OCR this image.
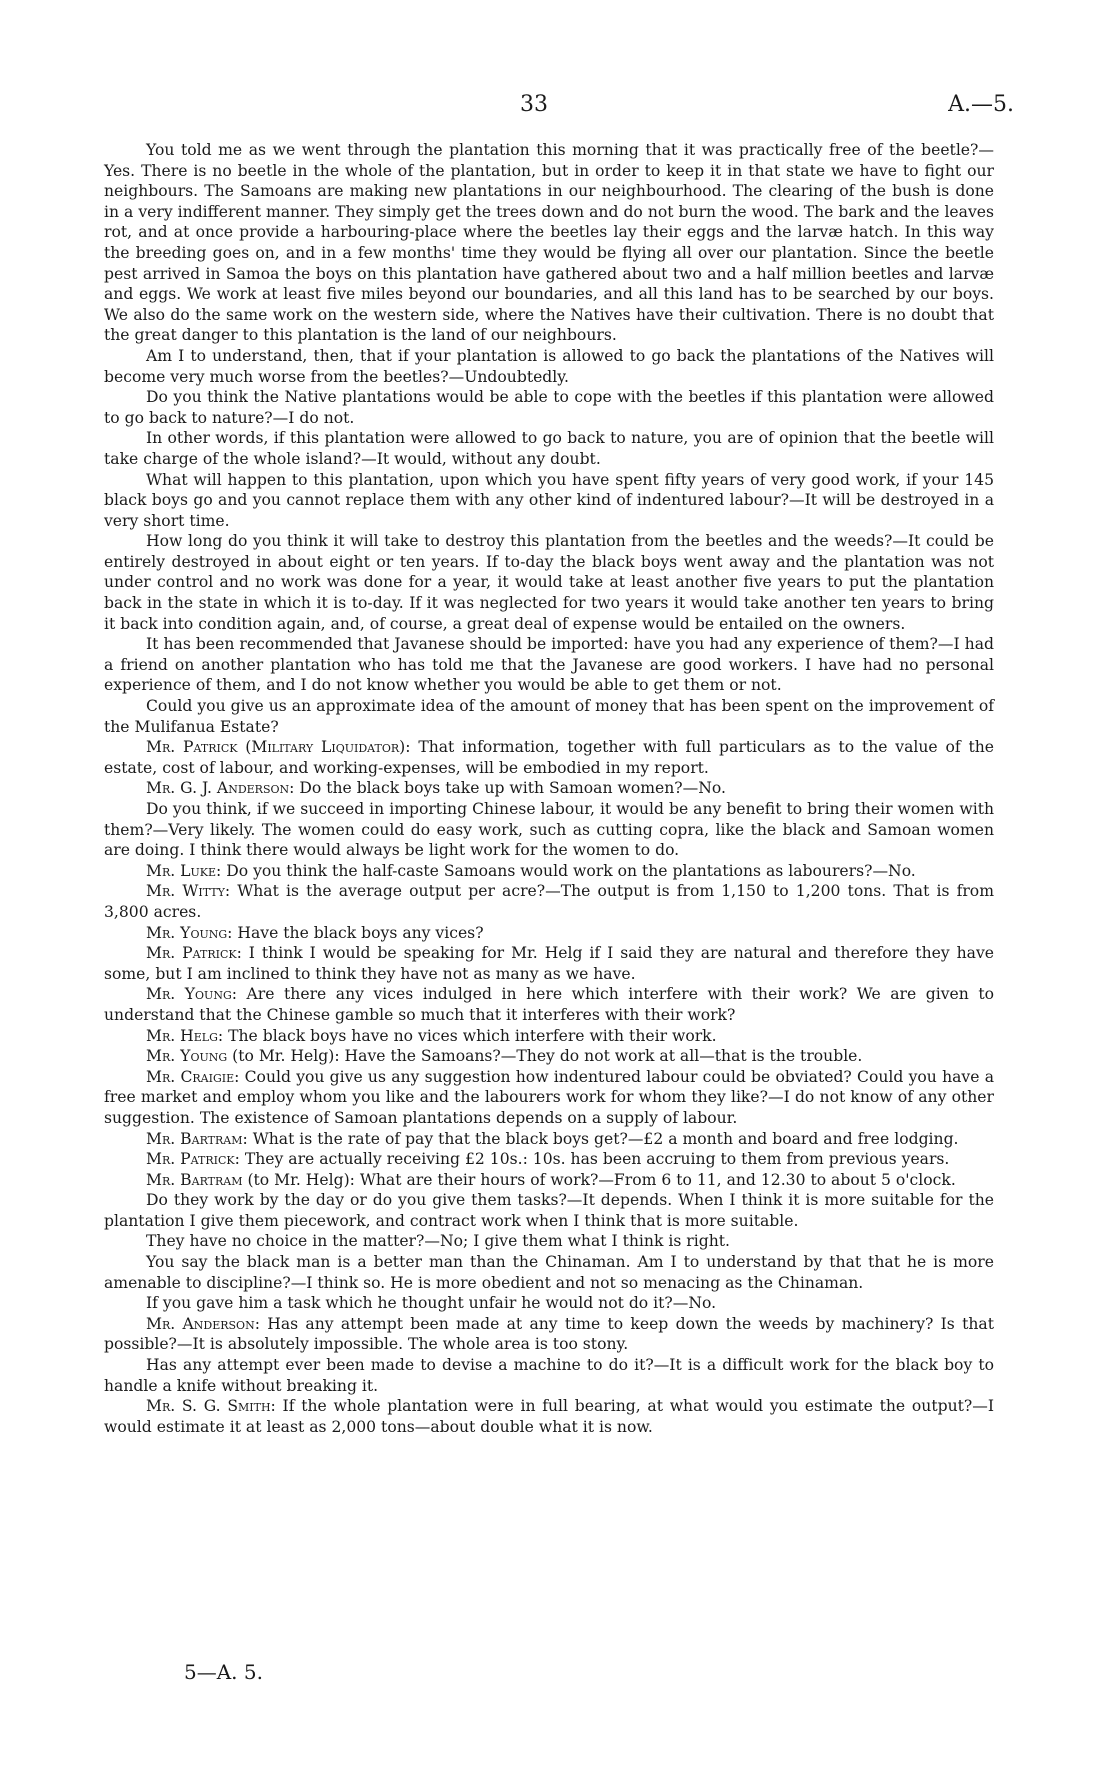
33	A.—5.

You told me as we went through the plantation this morning that it was practically free of the beetle?—Yes. There is no beetle in the whole of the plantation, but in order to keep it in that state we have to fight our neighbours. The Samoans are making new plantations in our neighbourhood. The clearing of the bush is done in a very indifferent manner. They simply get the trees down and do not burn the wood. The bark and the leaves rot, and at once provide a harbouring-place where the beetles lay their eggs and the larvæ hatch. In this way the breeding goes on, and in a few months' time they would be flying all over our plantation. Since the beetle pest arrived in Samoa the boys on this plantation have gathered about two and a half million beetles and larvæ and eggs. We work at least five miles beyond our boundaries, and all this land has to be searched by our boys. We also do the same work on the western side, where the Natives have their cultivation. There is no doubt that the great danger to this plantation is the land of our neighbours.

Am I to understand, then, that if your plantation is allowed to go back the plantations of the Natives will become very much worse from the beetles?—Undoubtedly.

Do you think the Native plantations would be able to cope with the beetles if this plantation were allowed to go back to nature?—I do not.

In other words, if this plantation were allowed to go back to nature, you are of opinion that the beetle will take charge of the whole island?—It would, without any doubt.

What will happen to this plantation, upon which you have spent fifty years of very good work, if your 145 black boys go and you cannot replace them with any other kind of indentured labour?—It will be destroyed in a very short time.

How long do you think it will take to destroy this plantation from the beetles and the weeds?—It could be entirely destroyed in about eight or ten years. If to-day the black boys went away and the plantation was not under control and no work was done for a year, it would take at least another five years to put the plantation back in the state in which it is to-day. If it was neglected for two years it would take another ten years to bring it back into condition again, and, of course, a great deal of expense would be entailed on the owners.

It has been recommended that Javanese should be imported: have you had any experience of them?—I had a friend on another plantation who has told me that the Javanese are good workers. I have had no personal experience of them, and I do not know whether you would be able to get them or not.

Could you give us an approximate idea of the amount of money that has been spent on the improvement of the Mulifanua Estate?

Mr. Patrick (Military Liquidator): That information, together with full particulars as to the value of the estate, cost of labour, and working-expenses, will be embodied in my report.

Mr. G. J. Anderson: Do the black boys take up with Samoan women?—No.

Do you think, if we succeed in importing Chinese labour, it would be any benefit to bring their women with them?—Very likely. The women could do easy work, such as cutting copra, like the black and Samoan women are doing. I think there would always be light work for the women to do.

Mr. Luke: Do you think the half-caste Samoans would work on the plantations as labourers?—No.

Mr. Witty: What is the average output per acre?—The output is from 1,150 to 1,200 tons. That is from 3,800 acres.

Mr. Young: Have the black boys any vices?

Mr. Patrick: I think I would be speaking for Mr. Helg if I said they are natural and therefore they have some, but I am inclined to think they have not as many as we have.

Mr. Young: Are there any vices indulged in here which interfere with their work? We are given to understand that the Chinese gamble so much that it interferes with their work?

Mr. Helg: The black boys have no vices which interfere with their work.

Mr. Young (to Mr. Helg): Have the Samoans?—They do not work at all—that is the trouble.

Mr. Craigie: Could you give us any suggestion how indentured labour could be obviated? Could you have a free market and employ whom you like and the labourers work for whom they like?—I do not know of any other suggestion. The existence of Samoan plantations depends on a supply of labour.

Mr. Bartram: What is the rate of pay that the black boys get?—£2 a month and board and free lodging.

Mr. Patrick: They are actually receiving £2 10s.: 10s. has been accruing to them from previous years.

Mr. Bartram (to Mr. Helg): What are their hours of work?—From 6 to 11, and 12.30 to about 5 o'clock.

Do they work by the day or do you give them tasks?—It depends. When I think it is more suitable for the plantation I give them piecework, and contract work when I think that is more suitable.

They have no choice in the matter?—No; I give them what I think is right.

You say the black man is a better man than the Chinaman. Am I to understand by that that he is more amenable to discipline?—I think so. He is more obedient and not so menacing as the Chinaman.

If you gave him a task which he thought unfair he would not do it?—No.

Mr. Anderson: Has any attempt been made at any time to keep down the weeds by machinery? Is that possible?—It is absolutely impossible. The whole area is too stony.

Has any attempt ever been made to devise a machine to do it?—It is a difficult work for the black boy to handle a knife without breaking it.

Mr. S. G. Smith: If the whole plantation were in full bearing, at what would you estimate the output?—I would estimate it at least as 2,000 tons—about double what it is now.

5—A. 5.
